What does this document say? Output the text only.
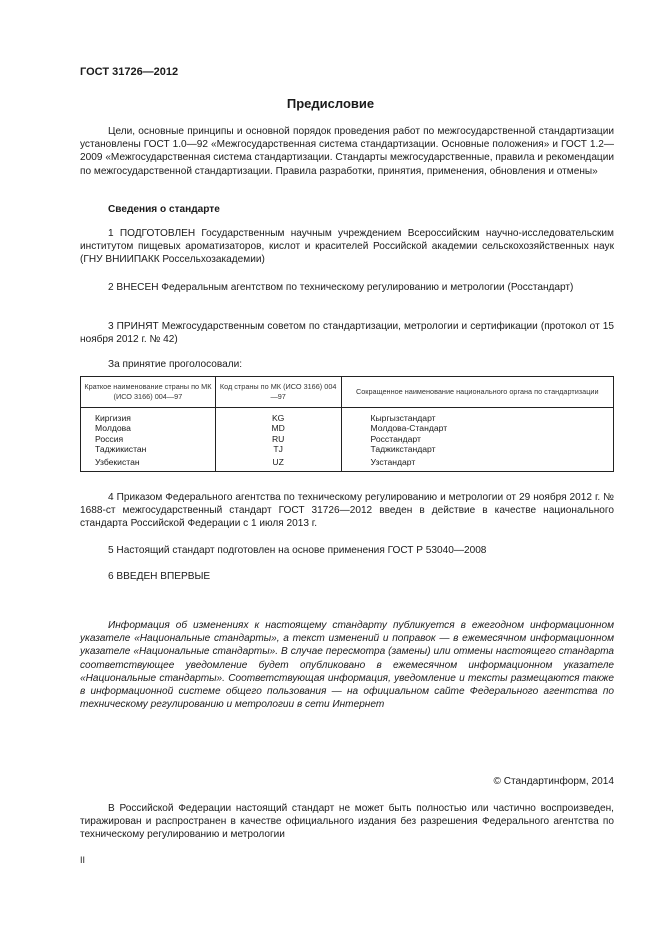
ГОСТ 31726—2012
Предисловие

Цели, основные принципы и основной порядок проведения работ по межгосударственной стандартизации установлены ГОСТ 1.0—92 «Межгосударственная система стандартизации. Основные положения» и ГОСТ 1.2—2009 «Межгосударственная система стандартизации. Стандарты межгосударственные, правила и рекомендации по межгосударственной стандартизации. Правила разработки, принятия, применения, обновления и отмены»

Сведения о стандарте

1 ПОДГОТОВЛЕН Государственным научным учреждением Всероссийским научно-исследовательским институтом пищевых ароматизаторов, кислот и красителей Российской академии сельскохозяйственных наук (ГНУ ВНИИПАКК Россельхозакадемии)

2 ВНЕСЕН Федеральным агентством по техническому регулированию и метрологии (Росстандарт)

3 ПРИНЯТ Межгосударственным советом по стандартизации, метрологии и сертификации (протокол от 15 ноября 2012 г. № 42)

За принятие проголосовали:
Краткое наименование страны по МК (ИСО 3166) 004—97	Код страны по МК (ИСО 3166) 004—97	Сокращенное наименование национального органа по стандартизации
Киргизия	KG	Кыргызстандарт
Молдова	MD	Молдова-Стандарт
Россия	RU	Росстандарт
Таджикистан	TJ	Таджикстандарт
Узбекистан	UZ	Узстандарт

4 Приказом Федерального агентства по техническому регулированию и метрологии от 29 ноября 2012 г. № 1688-ст межгосударственный стандарт ГОСТ 31726—2012 введен в действие в качестве национального стандарта Российской Федерации с 1 июля 2013 г.

5 Настоящий стандарт подготовлен на основе применения ГОСТ Р 53040—2008

6 ВВЕДЕН ВПЕРВЫЕ

Информация об изменениях к настоящему стандарту публикуется в ежегодном информационном указателе «Национальные стандарты», а текст изменений и поправок — в ежемесячном информационном указателе «Национальные стандарты». В случае пересмотра (замены) или отмены настоящего стандарта соответствующее уведомление будет опубликовано в ежемесячном информационном указателе «Национальные стандарты». Соответствующая информация, уведомление и тексты размещаются также в информационной системе общего пользования — на официальном сайте Федерального агентства по техническому регулированию и метрологии в сети Интернет

© Стандартинформ, 2014

В Российской Федерации настоящий стандарт не может быть полностью или частично воспроизведен, тиражирован и распространен в качестве официального издания без разрешения Федерального агентства по техническому регулированию и метрологии

II
